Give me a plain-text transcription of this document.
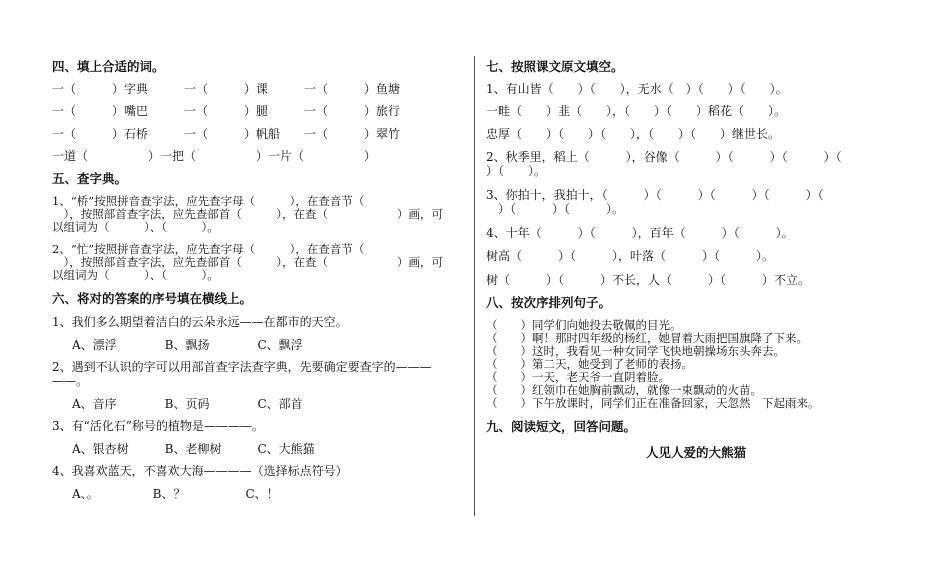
四、填上合适的词。
一（　　　）字典　　　一（　　　）课　　　一（　　　）鱼塘
一（　　　）嘴巴　　　一（　　　）腿　　　一（　　　）旅行
一（　　　）石桥　　　一（　　　）帆船　　一（　　　）翠竹
一道（　　　　　）一把（　　　　　）一片（　　　　　）
五、查字典。
1、“桥”按照拼音查字法，应先查字母（　　　），在查音节（
　），按照部首查字法，应先查部首（　　　），在查（　　　　　　）画，可
以组词为（　　　）、（　　　）。
2、“忙”按照拼音查字法，应先查字母（　　　），在查音节（
　），按照部首查字法，应先查部首（　　　），在查（　　　　　　）画，可
以组词为（　　　）、（　　　）。
六、将对的答案的序号填在横线上。
1、我们多么期望着洁白的云朵永远——在都市的天空。
A、漂浮　　　　B、飘扬　　　　C、飘浮
2、遇到不认识的字可以用部首查字法查字典，先要确定要查字的———
——。
A、音序　　　　B、页码　　　　C、部首
3、有“活化石”称号的植物是————。
A、银杏树　　　B、老柳树　　　C、大熊猫
4、我喜欢蓝天，不喜欢大海————（选择标点符号）
A、。　　　　　B、？　　　　　C、！
七、按照课文原文填空。
1、有山皆（　　）（　　），无水（　）（　　）（　　）。
一畦（　　）韭（　　），（　　）（　　）稻花（　　）。
忠厚（　　）（　　）（　　），（　　）（　　）继世长。
2、秋季里，稻上（　　　），谷像（　　　）（　　　）（　　　）（
）（　　）。
3、你拍十，我拍十，（　　　）（　　　）（　　　）（　　　）（
　）（　　　）（　　　）。
4、十年（　　　）（　　　），百年（　　　）（　　　）。
树高（　　　）（　　　），叶落（　　　）（　　　）。
树（　　　）（　　　）不长，人（　　　）（　　　）不立。
八、按次序排列句子。
（　　）同学们向她投去敬佩的目光。
（　　）啊！那时四年级的杨红，她冒着大雨把国旗降了下来。
（　　）这时，我看见一种女同学飞快地朝操场东头奔去。
（　　）第二天，她受到了老师的表扬。
（　　）一天，老天爷一直阴着脸。
（　　）红领巾在她胸前飘动，就像一束飘动的火苗。
（　　）下午放课时，同学们正在准备回家，天忽然　下起雨来。
九、阅读短文，回答问题。
人见人爱的大熊猫
